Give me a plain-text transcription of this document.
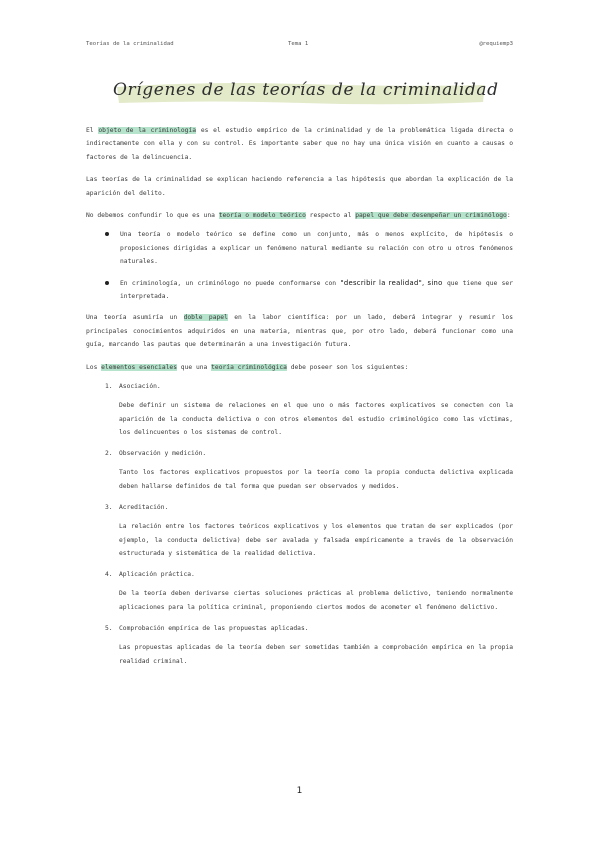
Teorías de la criminalidad	Tema 1	@requiemp3
Orígenes de las teorías de la criminalidad

El objeto de la criminología es el estudio empírico de la criminalidad y de la problemática ligada directa o indirectamente con ella y con su control. Es importante saber que no hay una única visión en cuanto a causas o factores de la delincuencia.

Las teorías de la criminalidad se explican haciendo referencia a las hipótesis que abordan la explicación de la aparición del delito.

No debemos confundir lo que es una teoría o modelo teórico respecto al papel que debe desempeñar un criminólogo:

Una teoría o modelo teórico se define como un conjunto, más o menos explícito, de hipótesis o proposiciones dirigidas a explicar un fenómeno natural mediante su relación con otro u otros fenómenos naturales.
En criminología, un criminólogo no puede conformarse con "describir la realidad", sino que tiene que ser interpretada.

Una teoría asumiría un doble papel en la labor científica: por un lado, deberá integrar y resumir los principales conocimientos adquiridos en una materia, mientras que, por otro lado, deberá funcionar como una guía, marcando las pautas que determinarán a una investigación futura.

Los elementos esenciales que una teoría criminológica debe poseer son los siguientes:

1. Asociación.

Debe definir un sistema de relaciones en el que uno o más factores explicativos se conecten con la aparición de la conducta delictiva o con otros elementos del estudio criminológico como las víctimas, los delincuentes o los sistemas de control.

2. Observación y medición.

Tanto los factores explicativos propuestos por la teoría como la propia conducta delictiva explicada deben hallarse definidos de tal forma que puedan ser observados y medidos.

3. Acreditación.

La relación entre los factores teóricos explicativos y los elementos que tratan de ser explicados (por ejemplo, la conducta delictiva) debe ser avalada y falsada empíricamente a través de la observación estructurada y sistemática de la realidad delictiva.

4. Aplicación práctica.

De la teoría deben derivarse ciertas soluciones prácticas al problema delictivo, teniendo normalmente aplicaciones para la política criminal, proponiendo ciertos modos de acometer el fenómeno delictivo.

5. Comprobación empírica de las propuestas aplicadas.

Las propuestas aplicadas de la teoría deben ser sometidas también a comprobación empírica en la propia realidad criminal.

1
